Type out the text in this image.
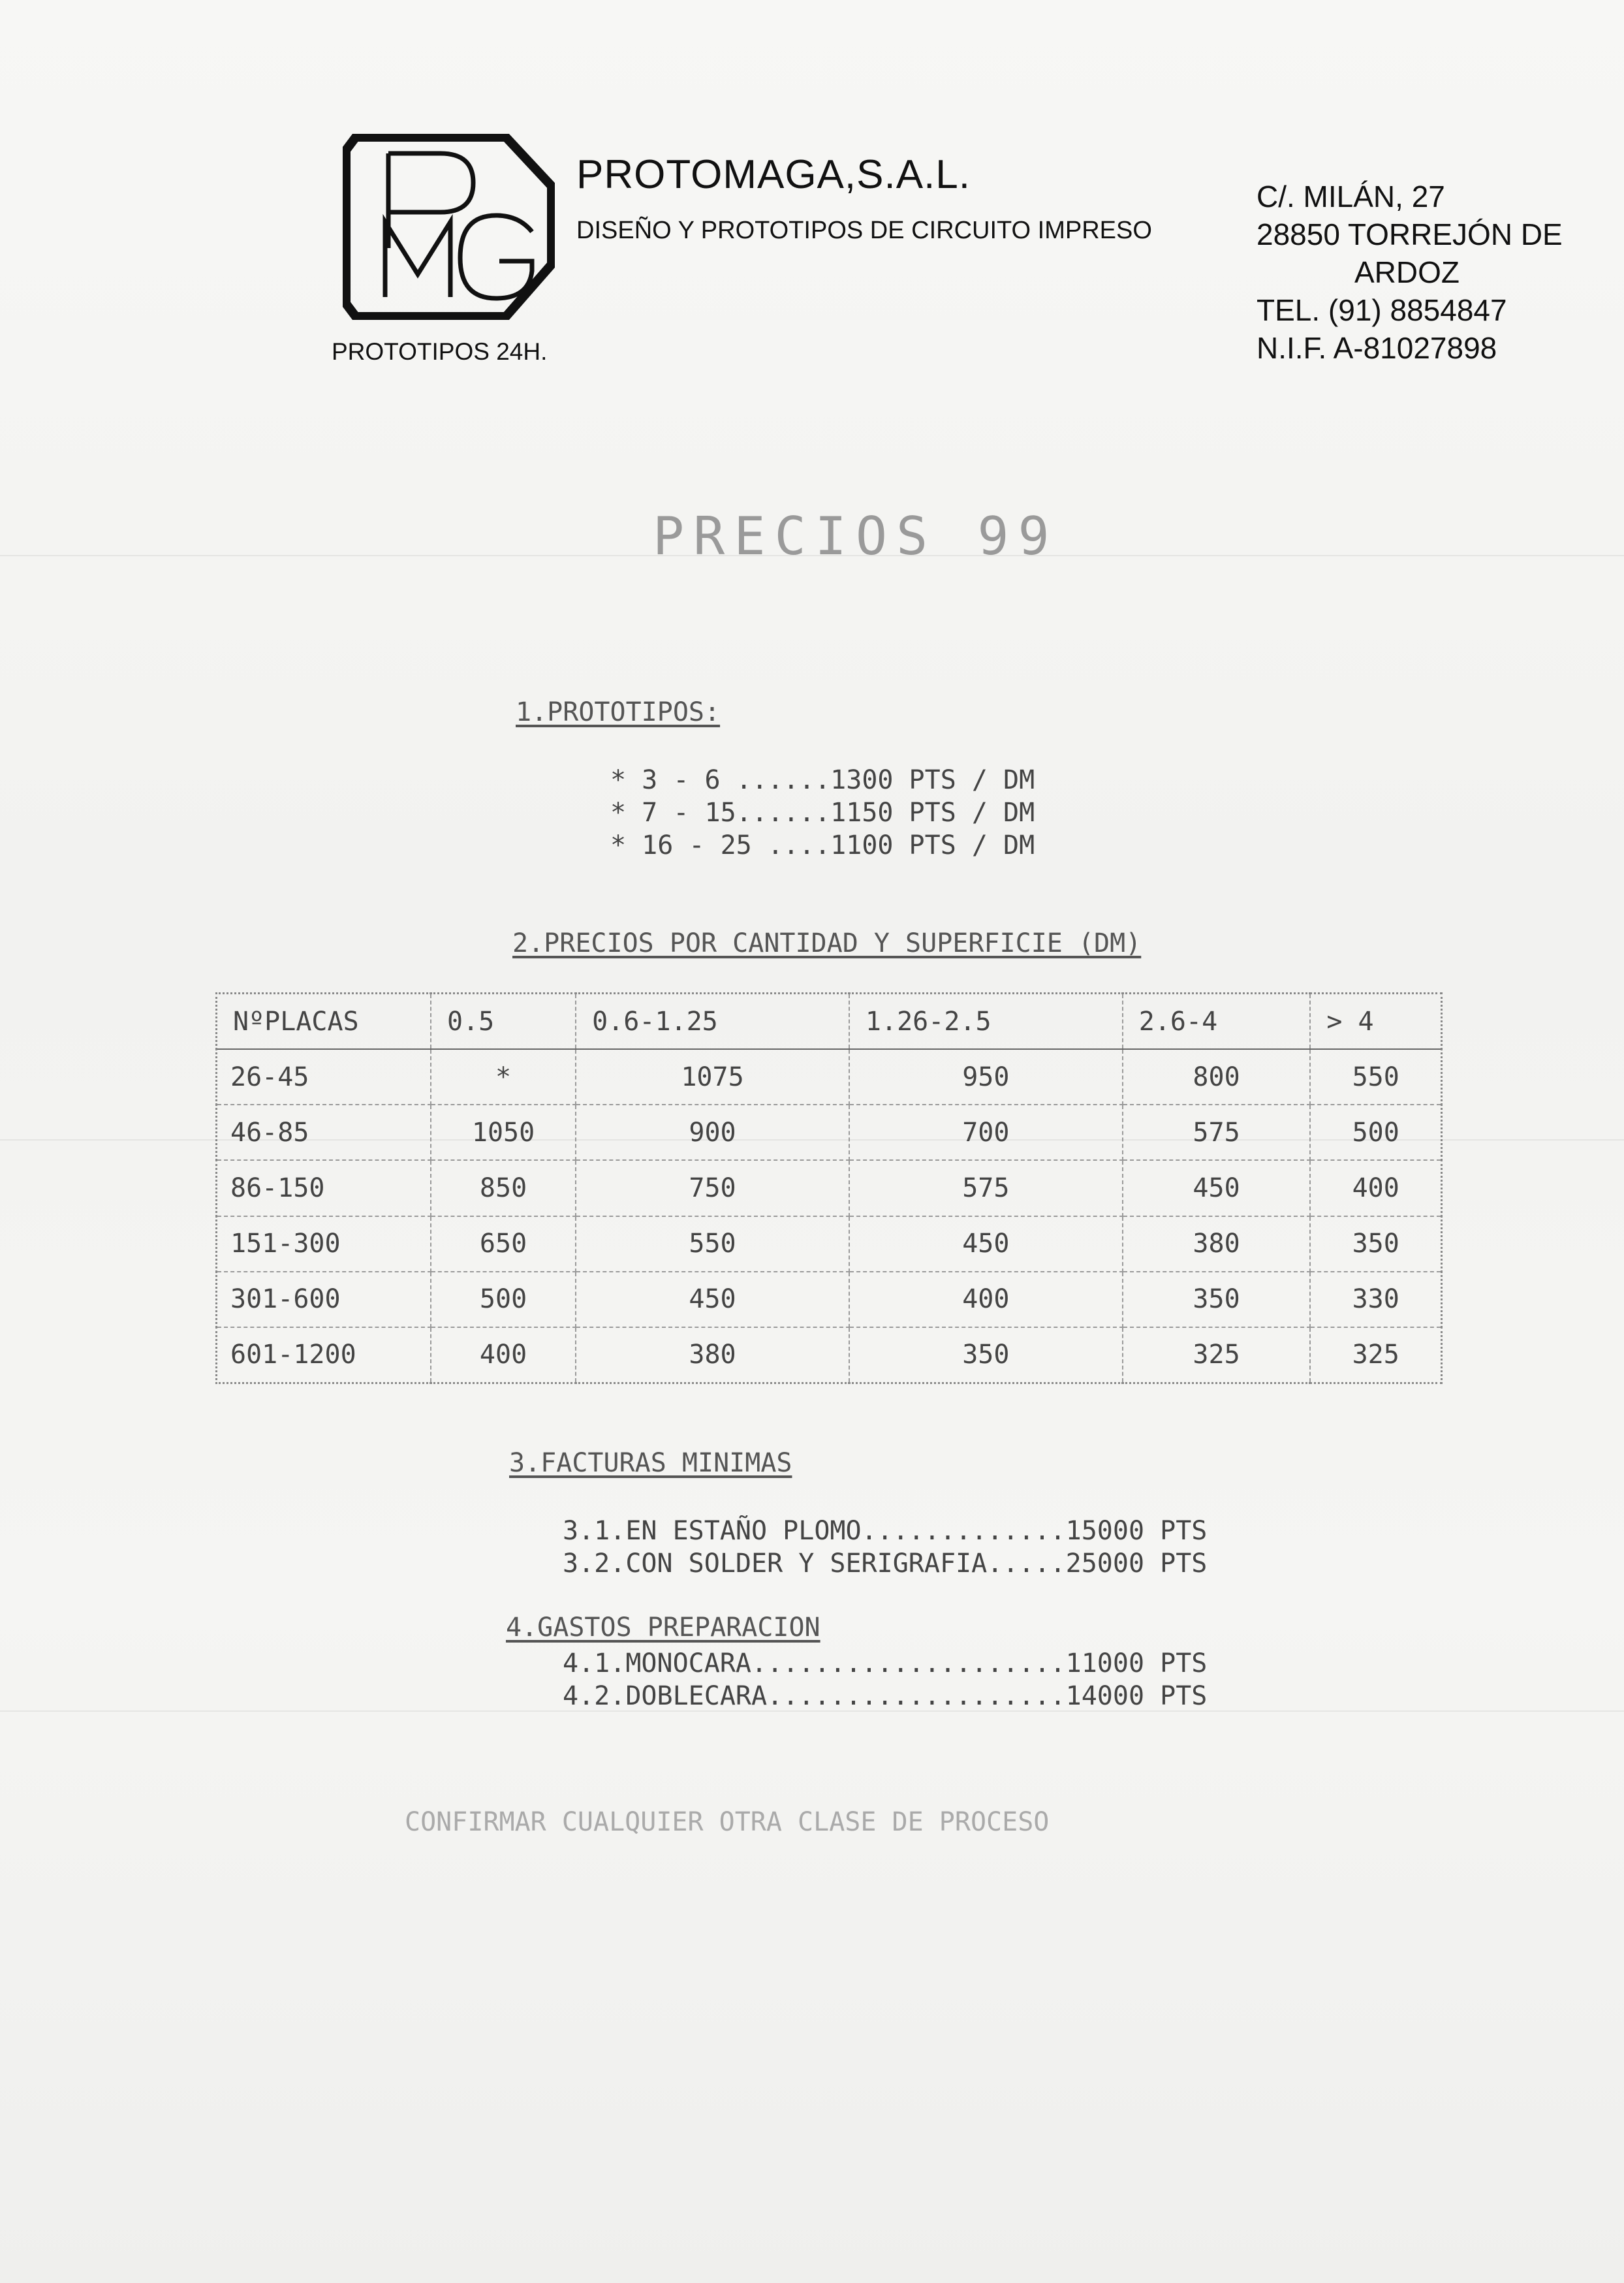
PROTOTIPOS 24H.
PROTOMAGA,S.A.L.
DISEÑO Y PROTOTIPOS DE CIRCUITO IMPRESO
C/. MILÁN, 27
28850 TORREJÓN DE
ARDOZ
TEL. (91) 8854847
N.I.F. A-81027898
PRECIOS 99
1.PROTOTIPOS:
* 3 - 6 ......1300 PTS / DM
* 7 - 15......1150 PTS / DM
* 16 - 25 ....1100 PTS / DM
2.PRECIOS POR CANTIDAD Y SUPERFICIE (DM)
NºPLACAS	0.5	0.6-1.25	1.26-2.5	2.6-4	> 4
26-45	*	1075	950	800	550
46-85	1050	900	700	575	500
86-150	850	750	575	450	400
151-300	650	550	450	380	350
301-600	500	450	400	350	330
601-1200	400	380	350	325	325
3.FACTURAS MINIMAS
3.1.EN ESTAÑO PLOMO.............15000 PTS
3.2.CON SOLDER Y SERIGRAFIA.....25000 PTS
4.GASTOS PREPARACION
4.1.MONOCARA....................11000 PTS
4.2.DOBLECARA...................14000 PTS
CONFIRMAR CUALQUIER OTRA CLASE DE PROCESO
